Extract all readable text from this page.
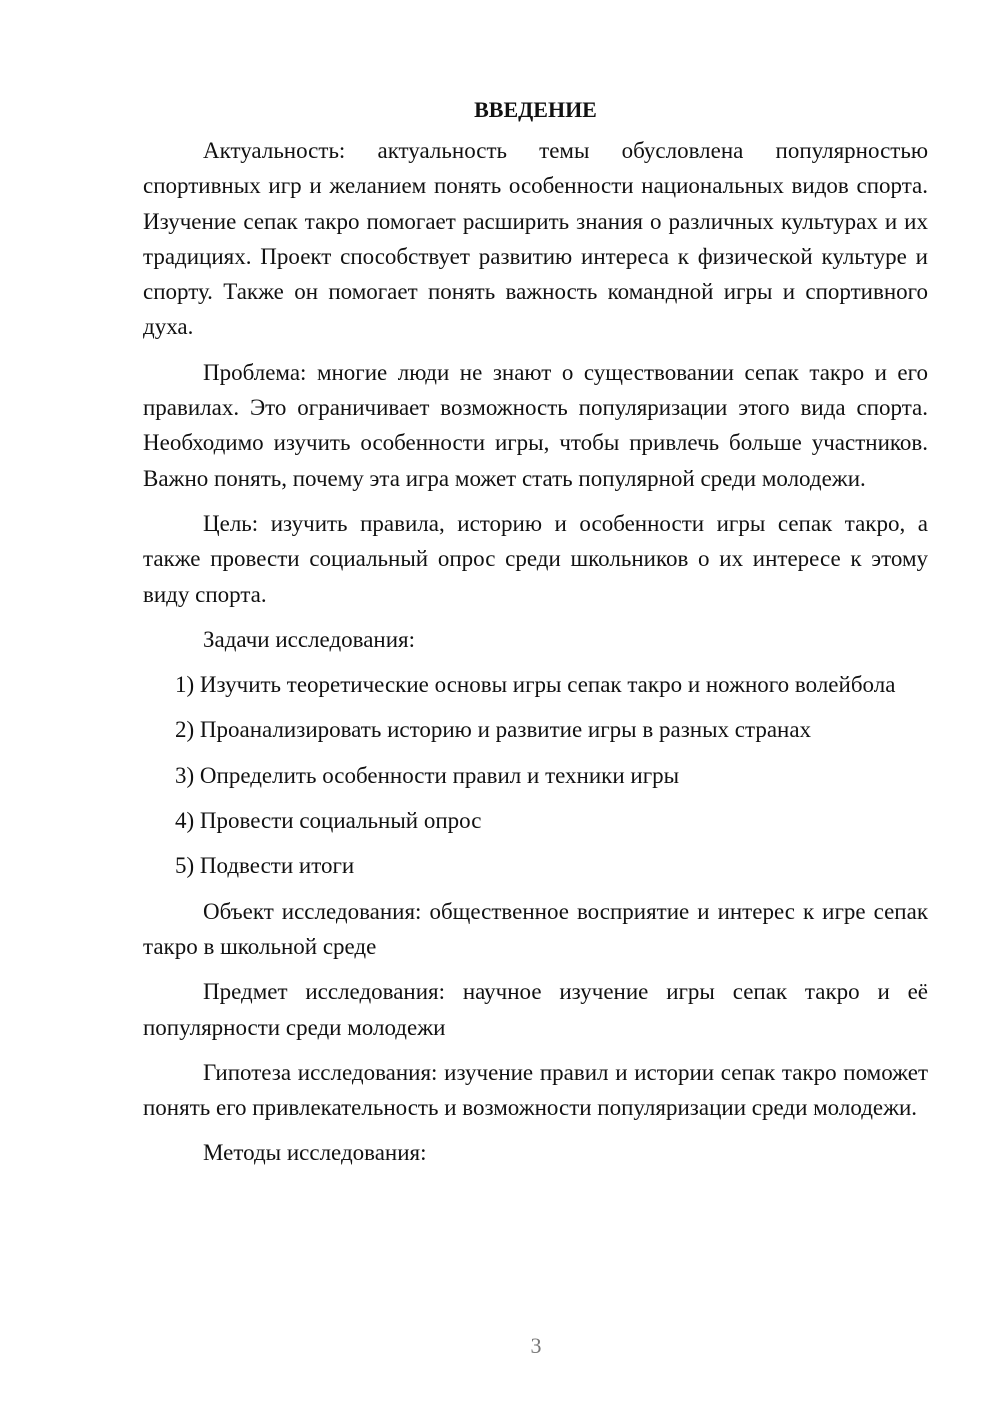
ВВЕДЕНИЕ

Актуальность: актуальность темы обусловлена популярностью спортивных игр и желанием понять особенности национальных видов спорта. Изучение сепак такро помогает расширить знания о различных культурах и их традициях. Проект способствует развитию интереса к физической культуре и спорту. Также он помогает понять важность командной игры и спортивного духа.

Проблема: многие люди не знают о существовании сепак такро и его правилах. Это ограничивает возможность популяризации этого вида спорта. Необходимо изучить особенности игры, чтобы привлечь больше участников. Важно понять, почему эта игра может стать популярной среди молодежи.

Цель: изучить правила, историю и особенности игры сепак такро, а также провести социальный опрос среди школьников о их интересе к этому виду спорта.

Задачи исследования:

1) Изучить теоретические основы игры сепак такро и ножного волейбола

2) Проанализировать историю и развитие игры в разных странах

3) Определить особенности правил и техники игры

4) Провести социальный опрос

5) Подвести итоги

Объект исследования: общественное восприятие и интерес к игре сепак такро в школьной среде

Предмет исследования: научное изучение игры сепак такро и её популярности среди молодежи

Гипотеза исследования: изучение правил и истории сепак такро поможет понять его привлекательность и возможности популяризации среди молодежи.

Методы исследования:

3
